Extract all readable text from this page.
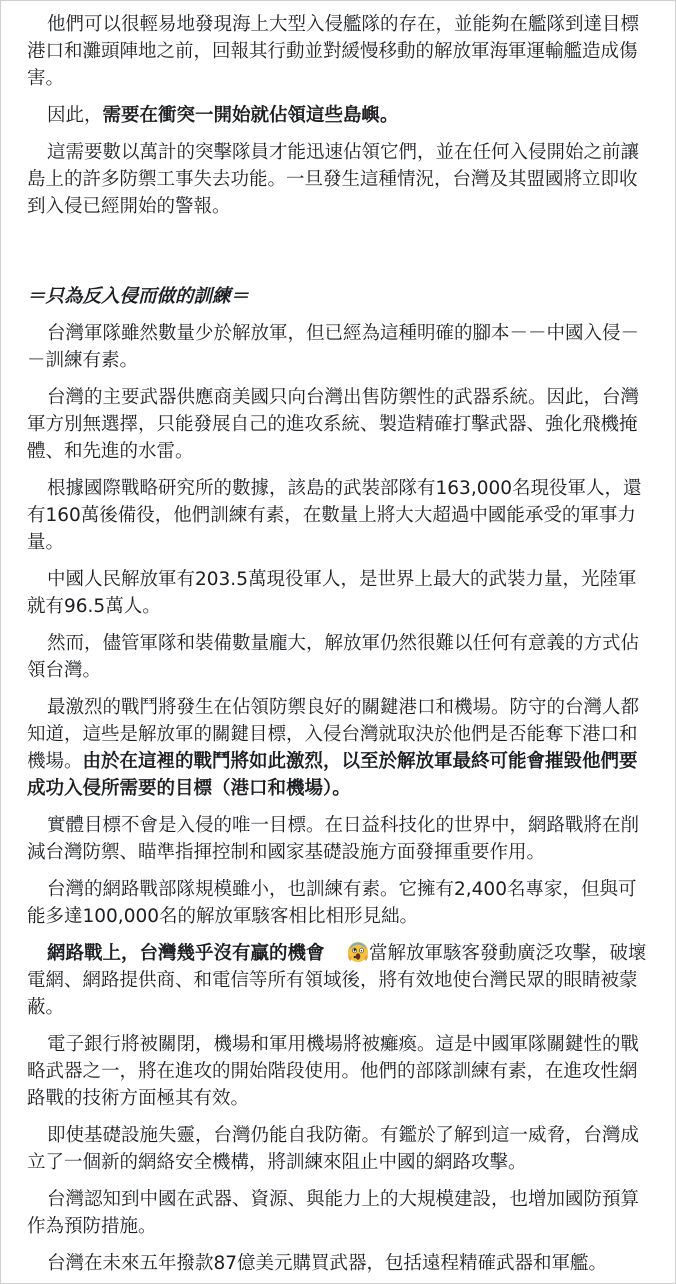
他們可以很輕易地發現海上大型入侵艦隊的存在，並能夠在艦隊到達目標港口和灘頭陣地之前，回報其行動並對緩慢移動的解放軍海軍運輸艦造成傷害。

因此，需要在衝突一開始就佔領這些島嶼。

這需要數以萬計的突擊隊員才能迅速佔領它們，並在任何入侵開始之前讓島上的許多防禦工事失去功能。一旦發生這種情況，台灣及其盟國將立即收到入侵已經開始的警報。

＝只為反入侵而做的訓練＝

台灣軍隊雖然數量少於解放軍，但已經為這種明確的腳本－－中國入侵－－訓練有素。

台灣的主要武器供應商美國只向台灣出售防禦性的武器系統。因此，台灣軍方別無選擇，只能發展自己的進攻系統、製造精確打擊武器、強化飛機掩體、和先進的水雷。

根據國際戰略研究所的數據，該島的武裝部隊有163,000名現役軍人，還有160萬後備役，他們訓練有素，在數量上將大大超過中國能承受的軍事力量。

中國人民解放軍有203.5萬現役軍人，是世界上最大的武裝力量，光陸軍就有96.5萬人。

然而，儘管軍隊和裝備數量龐大，解放軍仍然很難以任何有意義的方式佔領台灣。

最激烈的戰鬥將發生在佔領防禦良好的關鍵港口和機場。防守的台灣人都知道，這些是解放軍的關鍵目標，入侵台灣就取決於他們是否能奪下港口和機場。由於在這裡的戰鬥將如此激烈，以至於解放軍最終可能會摧毀他們要成功入侵所需要的目標（港口和機場）。

實體目標不會是入侵的唯一目標。在日益科技化的世界中，網路戰將在削減台灣防禦、瞄準指揮控制和國家基礎設施方面發揮重要作用。

台灣的網路戰部隊規模雖小，也訓練有素。它擁有2,400名專家，但與可能多達100,000名的解放軍駭客相比相形見絀。

網路戰上，台灣幾乎沒有贏的機會 ：當解放軍駭客發動廣泛攻擊，破壞電網、網路提供商、和電信等所有領域後，將有效地使台灣民眾的眼睛被蒙蔽。

電子銀行將被關閉，機場和軍用機場將被癱瘓。這是中國軍隊關鍵性的戰略武器之一，將在進攻的開始階段使用。他們的部隊訓練有素，在進攻性網路戰的技術方面極其有效。

即使基礎設施失靈，台灣仍能自我防衛。有鑑於了解到這一威脅，台灣成立了一個新的網絡安全機構，將訓練來阻止中國的網路攻擊。

台灣認知到中國在武器、資源、與能力上的大規模建設，也增加國防預算作為預防措施。

台灣在未來五年撥款87億美元購買武器，包括遠程精確武器和軍艦。
